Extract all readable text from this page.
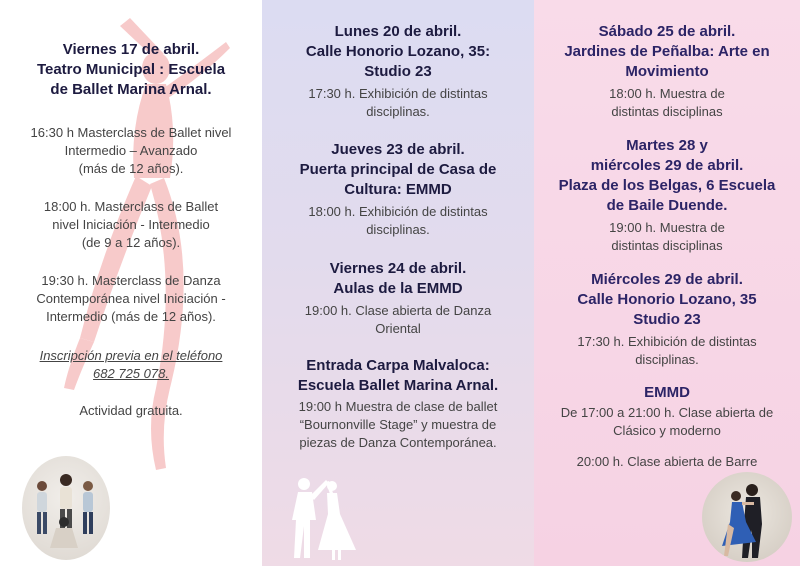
Viernes 17 de abril.
Teatro Municipal : Escuela
de Ballet Marina Arnal.
16:30 h Masterclass de Ballet nivel
Intermedio – Avanzado
(más de 12 años).
18:00 h. Masterclass de Ballet
nivel Iniciación - Intermedio
(de 9 a 12 años).
19:30 h. Masterclass de Danza
Contemporánea nivel Iniciación -
Intermedio (más de 12 años).
Inscripción previa en el teléfono
682 725 078.
Actividad gratuita.
Lunes 20 de abril.
Calle Honorio Lozano, 35:
Studio 23
17:30 h. Exhibición de distintas
disciplinas.
Jueves 23 de abril.
Puerta principal de Casa de
Cultura: EMMD
18:00 h. Exhibición de distintas
disciplinas.
Viernes 24 de abril.
Aulas de la EMMD
19:00 h. Clase abierta de Danza
Oriental
Entrada Carpa Malvaloca:
Escuela Ballet Marina Arnal.
19:00 h Muestra de clase de ballet
“Bournonville Stage” y muestra de
piezas de Danza Contemporánea.
Sábado 25 de abril.
Jardines de Peñalba: Arte en
Movimiento
18:00 h. Muestra de
distintas disciplinas
Martes 28 y
miércoles 29 de abril.
Plaza de los Belgas, 6 Escuela
de Baile Duende.
19:00 h. Muestra de
distintas disciplinas
Miércoles 29 de abril.
Calle Honorio Lozano, 35
Studio 23
17:30 h. Exhibición de distintas
disciplinas.
EMMD
De 17:00 a 21:00 h. Clase abierta de
Clásico y moderno
20:00 h. Clase abierta de Barre
